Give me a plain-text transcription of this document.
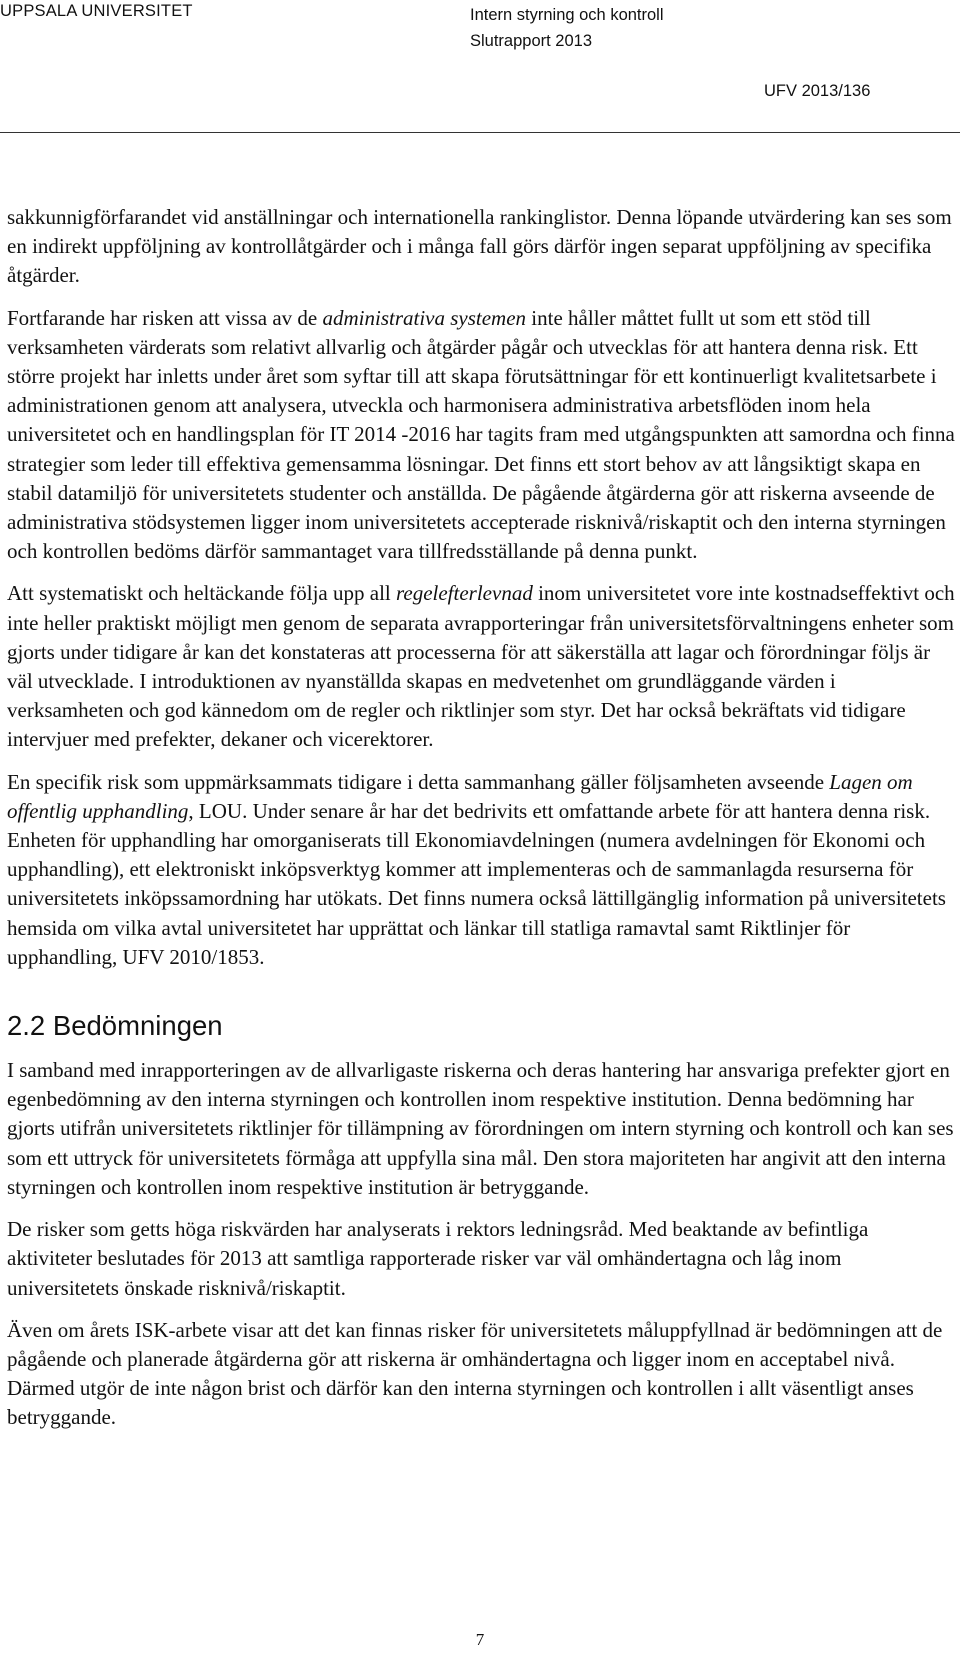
UPPSALA UNIVERSITET	Intern styrning och kontroll
Slutrapport 2013
UFV 2013/136

sakkunnigförfarandet vid anställningar och internationella rankinglistor. Denna löpande utvärdering kan ses som en indirekt uppföljning av kontrollåtgärder och i många fall görs därför ingen separat uppföljning av specifika åtgärder.

Fortfarande har risken att vissa av de administrativa systemen inte håller måttet fullt ut som ett stöd till verksamheten värderats som relativt allvarlig och åtgärder pågår och utvecklas för att hantera denna risk. Ett större projekt har inletts under året som syftar till att skapa förutsättningar för ett kontinuerligt kvalitetsarbete i administrationen genom att analysera, utveckla och harmonisera administrativa arbetsflöden inom hela universitetet och en handlingsplan för IT 2014 -2016 har tagits fram med utgångspunkten att samordna och finna strategier som leder till effektiva gemensamma lösningar. Det finns ett stort behov av att långsiktigt skapa en stabil datamiljö för universitetets studenter och anställda. De pågående åtgärderna gör att riskerna avseende de administrativa stödsystemen ligger inom universitetets accepterade risknivå/riskaptit och den interna styrningen och kontrollen bedöms därför sammantaget vara tillfredsställande på denna punkt.

Att systematiskt och heltäckande följa upp all regelefterlevnad inom universitetet vore inte kostnadseffektivt och inte heller praktiskt möjligt men genom de separata avrapporteringar från universitetsförvaltningens enheter som gjorts under tidigare år kan det konstateras att processerna för att säkerställa att lagar och förordningar följs är väl utvecklade. I introduktionen av nyanställda skapas en medvetenhet om grundläggande värden i verksamheten och god kännedom om de regler och riktlinjer som styr. Det har också bekräftats vid tidigare intervjuer med prefekter, dekaner och vicerektorer.

En specifik risk som uppmärksammats tidigare i detta sammanhang gäller följsamheten avseende Lagen om offentlig upphandling, LOU. Under senare år har det bedrivits ett omfattande arbete för att hantera denna risk. Enheten för upphandling har omorganiserats till Ekonomiavdelningen (numera avdelningen för Ekonomi och upphandling), ett elektroniskt inköpsverktyg kommer att implementeras och de sammanlagda resurserna för universitetets inköpssamordning har utökats. Det finns numera också lättillgänglig information på universitetets hemsida om vilka avtal universitetet har upprättat och länkar till statliga ramavtal samt Riktlinjer för upphandling, UFV 2010/1853.

2.2 Bedömningen

I samband med inrapporteringen av de allvarligaste riskerna och deras hantering har ansvariga prefekter gjort en egenbedömning av den interna styrningen och kontrollen inom respektive institution. Denna bedömning har gjorts utifrån universitetets riktlinjer för tillämpning av förordningen om intern styrning och kontroll och kan ses som ett uttryck för universitetets förmåga att uppfylla sina mål. Den stora majoriteten har angivit att den interna styrningen och kontrollen inom respektive institution är betryggande.

De risker som getts höga riskvärden har analyserats i rektors ledningsråd. Med beaktande av befintliga aktiviteter beslutades för 2013 att samtliga rapporterade risker var väl omhändertagna och låg inom universitetets önskade risknivå/riskaptit.

Även om årets ISK-arbete visar att det kan finnas risker för universitetets måluppfyllnad är bedömningen att de pågående och planerade åtgärderna gör att riskerna är omhändertagna och ligger inom en acceptabel nivå. Därmed utgör de inte någon brist och därför kan den interna styrningen och kontrollen i allt väsentligt anses betryggande.

7
